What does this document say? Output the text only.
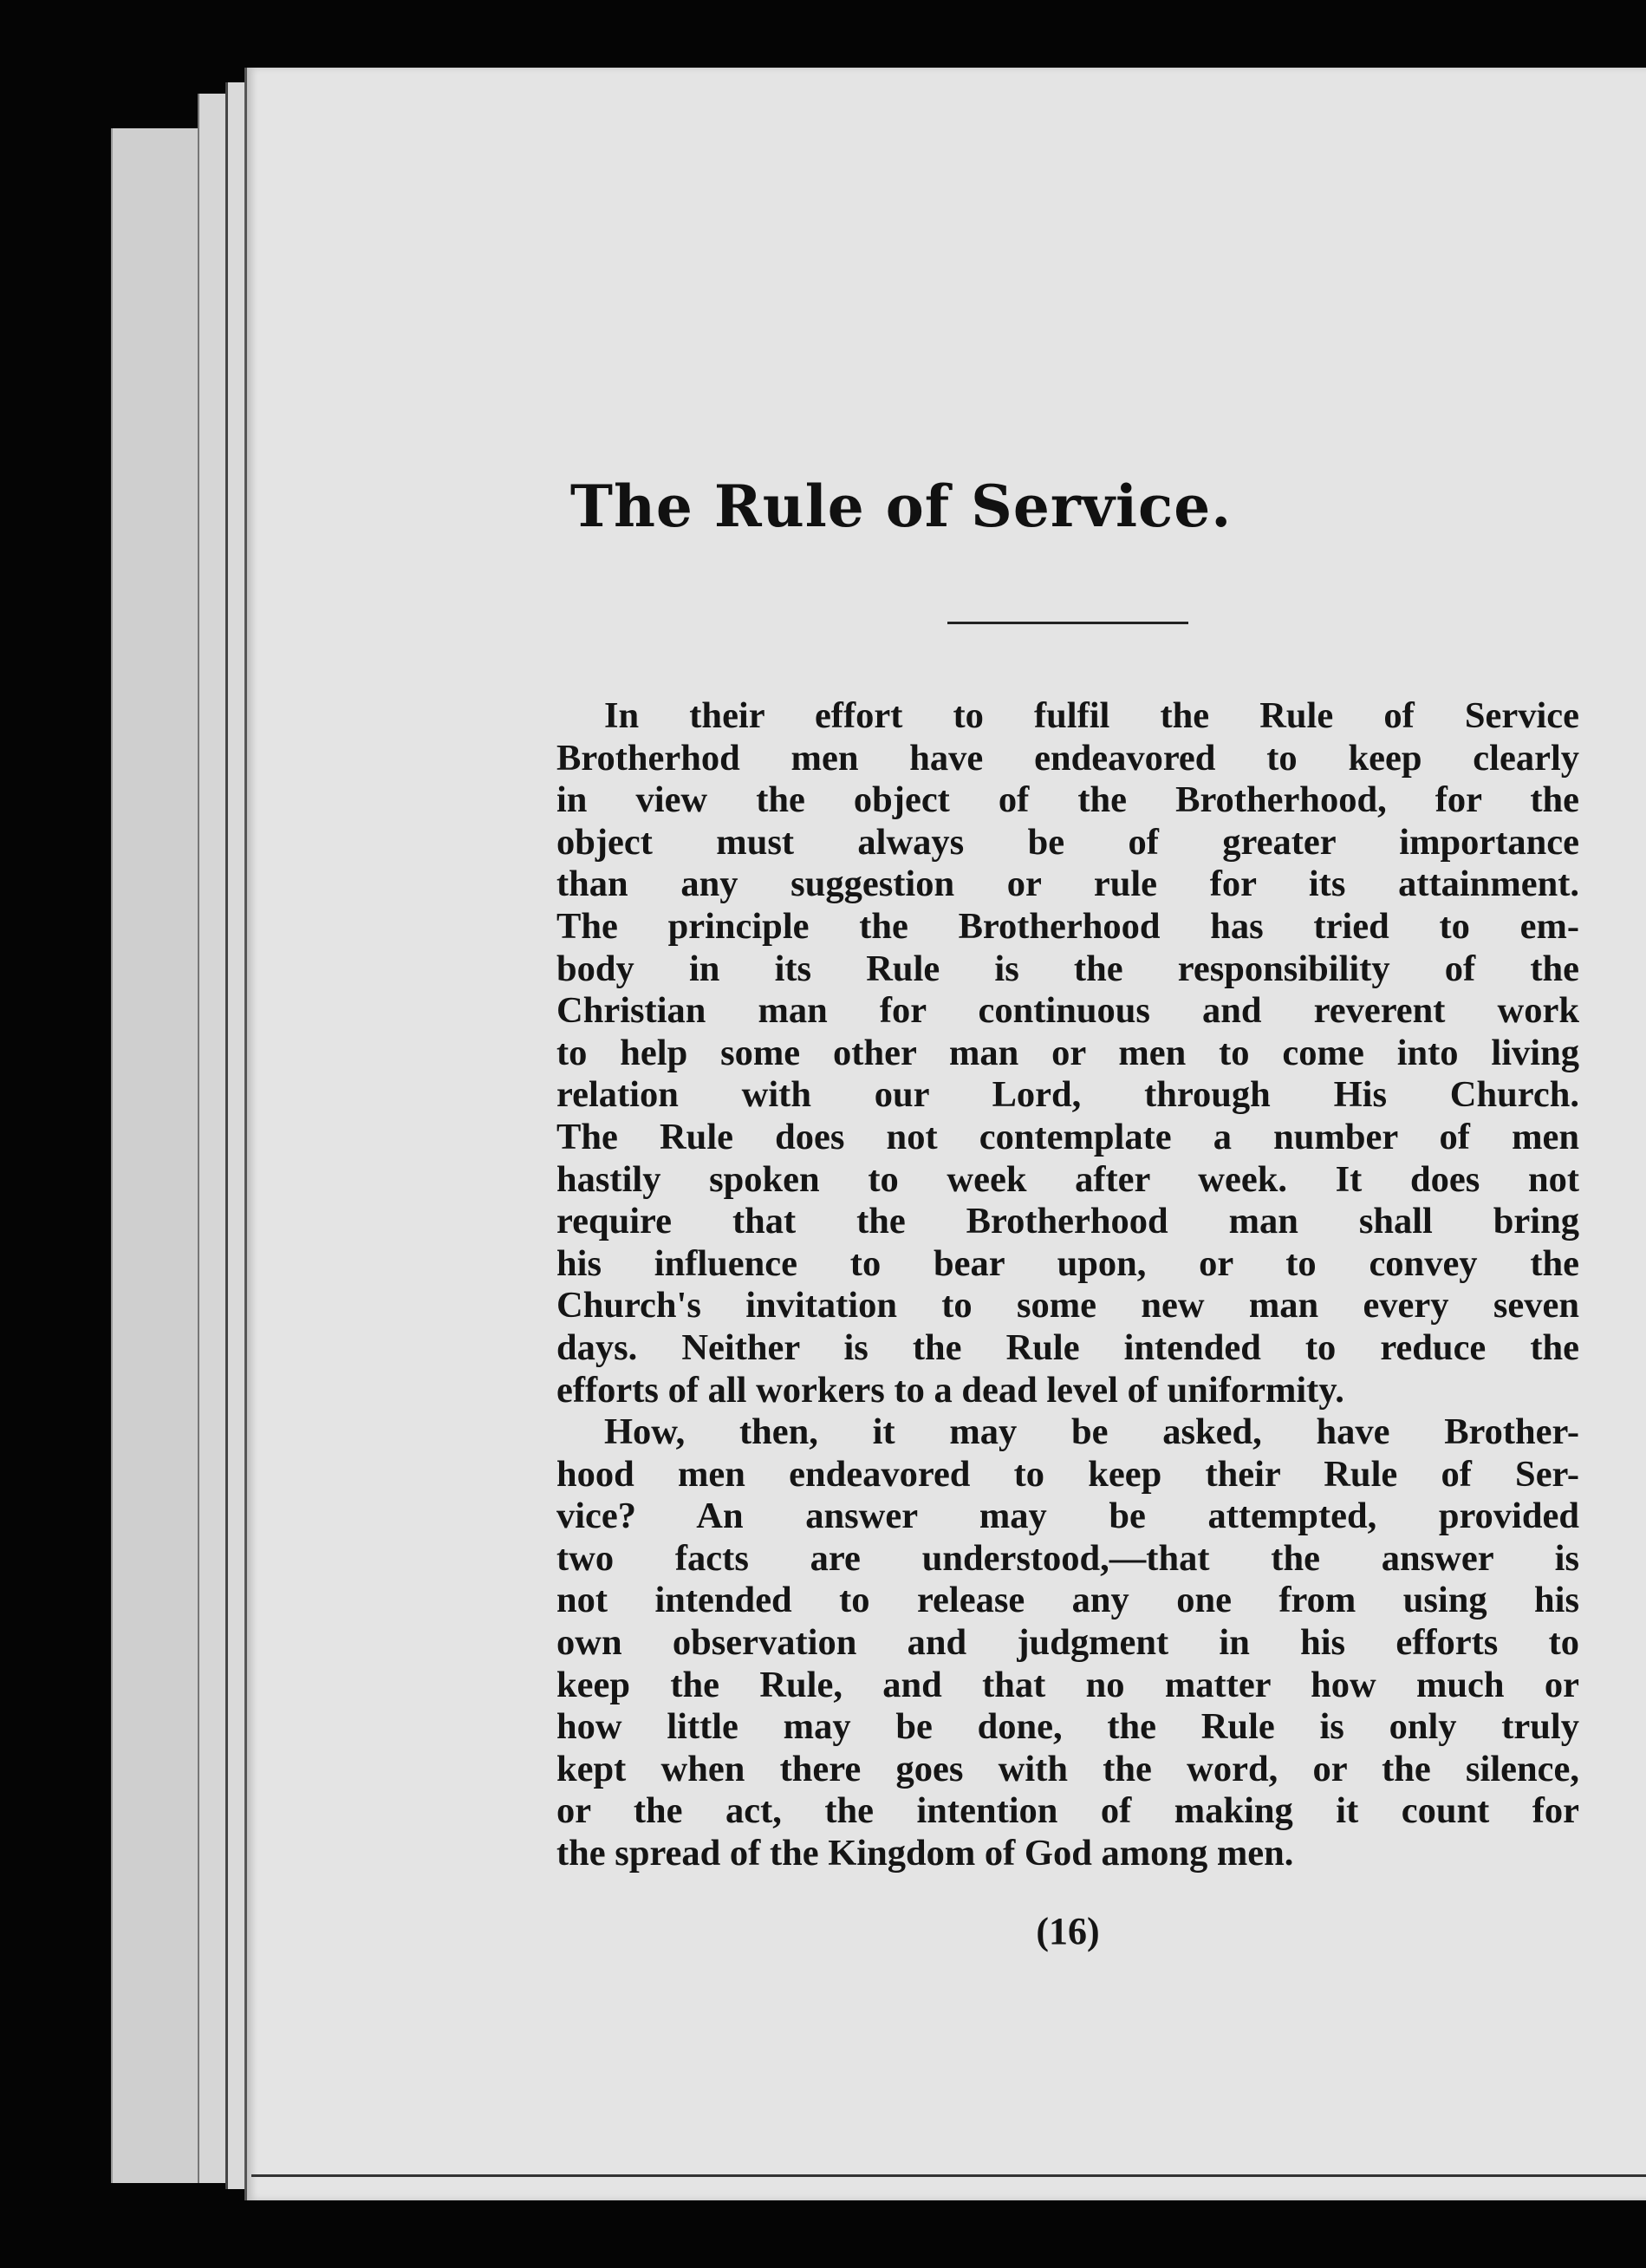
The Rule of Service.
In their effort to fulfil the Rule of Service
Brotherhod men have endeavored to keep clearly
in view the object of the Brotherhood, for the
object must always be of greater importance
than any suggestion or rule for its attainment.
The principle the Brotherhood has tried to em-
body in its Rule is the responsibility of the
Christian man for continuous and reverent work
to help some other man or men to come into living
relation with our Lord, through His Church.
The Rule does not contemplate a number of men
hastily spoken to week after week. It does not
require that the Brotherhood man shall bring
his influence to bear upon, or to convey the
Church's invitation to some new man every seven
days. Neither is the Rule intended to reduce the
efforts of all workers to a dead level of uniformity.
How, then, it may be asked, have Brother-
hood men endeavored to keep their Rule of Ser-
vice? An answer may be attempted, provided
two facts are understood,—that the answer is
not intended to release any one from using his
own observation and judgment in his efforts to
keep the Rule, and that no matter how much or
how little may be done, the Rule is only truly
kept when there goes with the word, or the silence,
or the act, the intention of making it count for
the spread of the Kingdom of God among men.
(16)
